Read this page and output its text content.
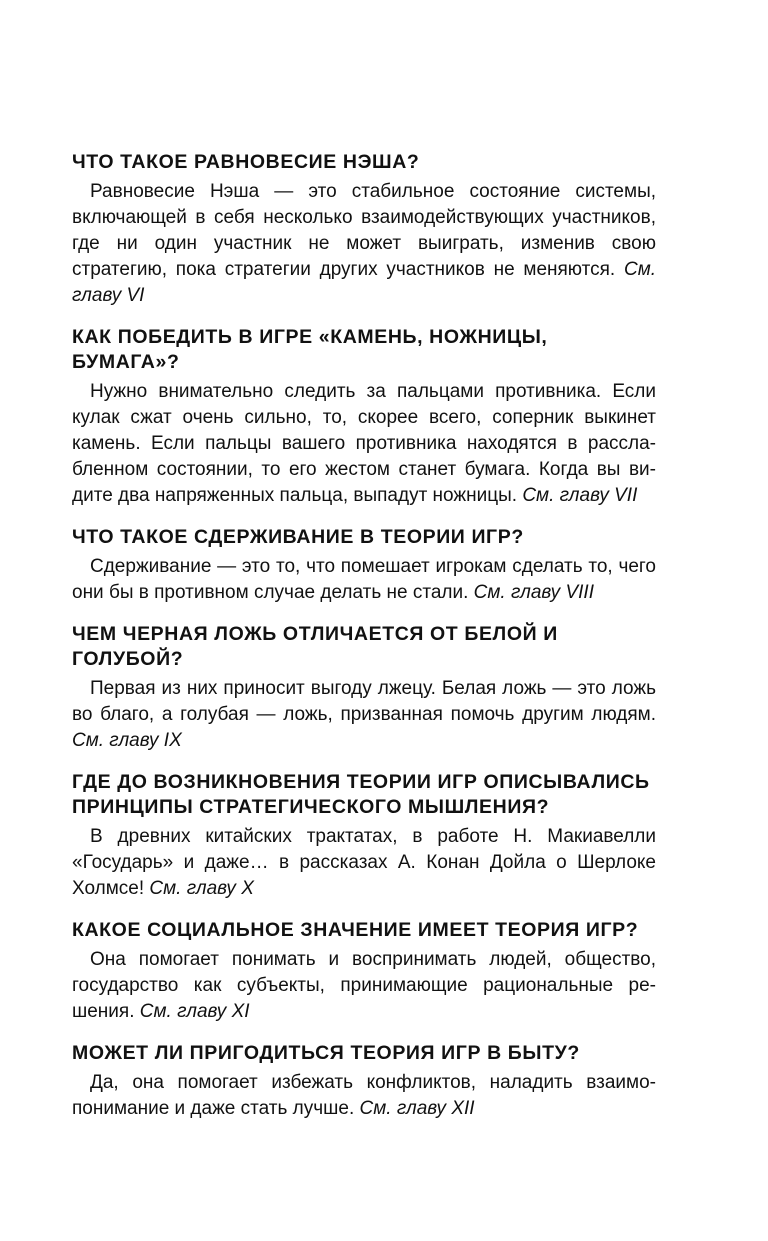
ЧТО ТАКОЕ РАВНОВЕСИЕ НЭША?

Равновесие Нэша — это стабильное состояние системы, включающей в себя несколько взаимодействующих участников, где ни один участник не может выиграть, изменив свою стратегию, пока стратегии других участников не меняются. См. главу VI

КАК ПОБЕДИТЬ В ИГРЕ «КАМЕНЬ, НОЖНИЦЫ, БУМАГА»?

Нужно внимательно следить за пальцами противника. Если кулак сжат очень сильно, то, скорее всего, соперник выкинет камень. Если пальцы вашего противника находятся в расслабленном состоянии, то его жестом станет бумага. Когда вы видите два напряженных пальца, выпадут ножницы. См. главу VII

ЧТО ТАКОЕ СДЕРЖИВАНИЕ В ТЕОРИИ ИГР?

Сдерживание — это то, что помешает игрокам сделать то, чего они бы в противном случае делать не стали. См. главу VIII

ЧЕМ ЧЕРНАЯ ЛОЖЬ ОТЛИЧАЕТСЯ ОТ БЕЛОЙ И ГОЛУБОЙ?

Первая из них приносит выгоду лжецу. Белая ложь — это ложь во благо, а голубая — ложь, призванная помочь другим людям. См. главу IX

ГДЕ ДО ВОЗНИКНОВЕНИЯ ТЕОРИИ ИГР ОПИСЫВАЛИСЬ ПРИНЦИПЫ СТРАТЕГИЧЕСКОГО МЫШЛЕНИЯ?

В древних китайских трактатах, в работе Н. Макиавелли «Государь» и даже… в рассказах А. Конан Дойла о Шерлоке Холмсе! См. главу X

КАКОЕ СОЦИАЛЬНОЕ ЗНАЧЕНИЕ ИМЕЕТ ТЕОРИЯ ИГР?

Она помогает понимать и воспринимать людей, общество, государство как субъекты, принимающие рациональные решения. См. главу XI

МОЖЕТ ЛИ ПРИГОДИТЬСЯ ТЕОРИЯ ИГР В БЫТУ?

Да, она помогает избежать конфликтов, наладить взаимопонимание и даже стать лучше. См. главу XII
